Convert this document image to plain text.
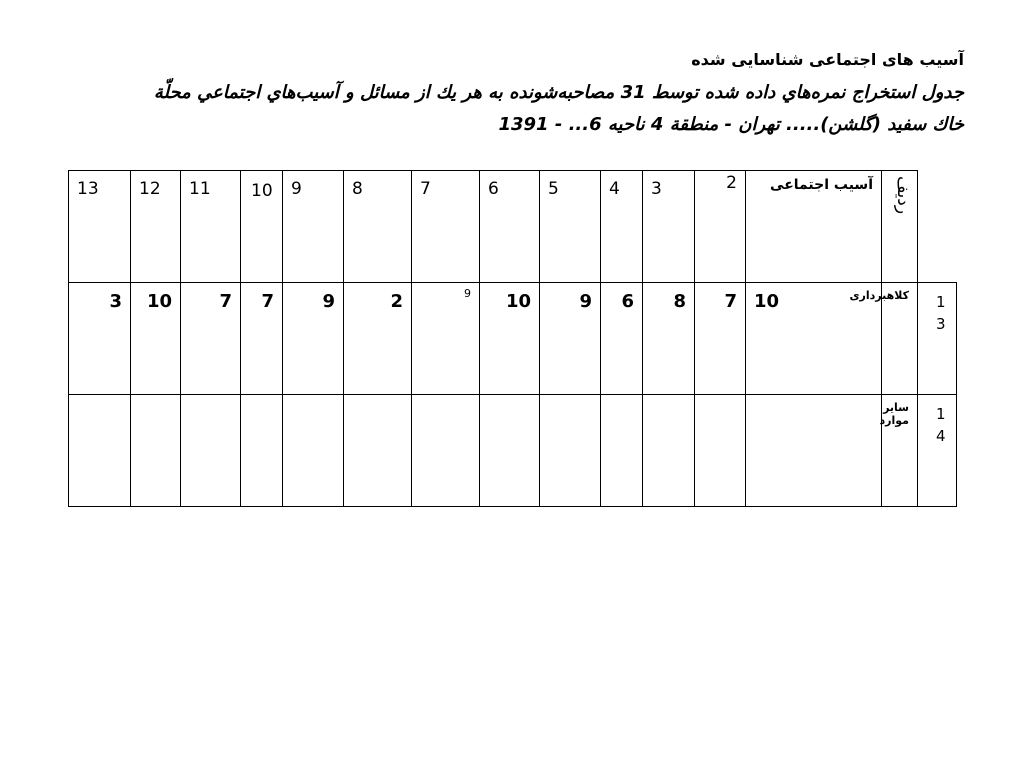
آسیب های اجتماعی شناسایی شده
جدول استخراج نمره‌هاي داده شده توسط 31 مصاحبه‌شونده به هر يك از مسائل و آسيب‌هاي اجتماعي محلّة
خاك سفيد (گلشن)..... تهران - منطقة 4 ناحيه 6... - 1391
13	12	11	10	9	8	7	6	5	4	3	2	آسیب اجتماعی	رديف	
3	10	7	7	9	2	9	10	9	6	8	7	10	کلاهبرداری	13
													سایر موارد	14
